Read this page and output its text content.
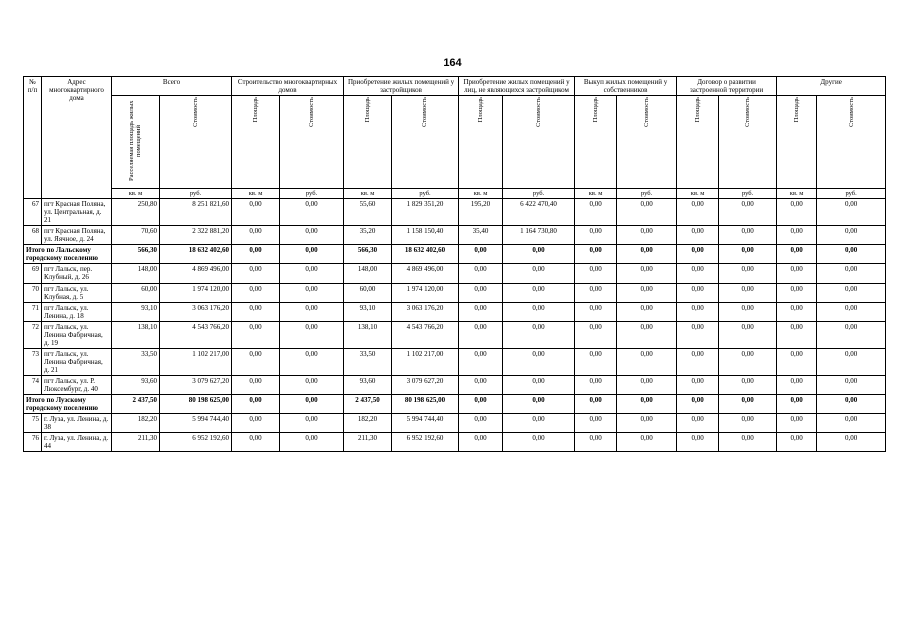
164
№ п/п	Адрес многоквартирного дома	Всего		Строительство многоквартирных домов		Приобретение жилых помещений у застройщиков		Приобретение жилых помещений у лиц, не являющихся застройщиком		Выкуп жилых помещений у собственников		Договор о развитии застроенной территории		Другие	

		Расселяемая площадь жилых помещений	Стоимость	Площадь	Стоимость	Площадь	Стоимость	Площадь	Стоимость	Площадь	Стоимость	Площадь	Стоимость	Площадь	Стоимость

		кв. м	руб.	кв. м	руб.	кв. м	руб.	кв. м	руб.	кв. м	руб.	кв. м	руб.	кв. м	руб.
67	пгт Красная Поляна, ул. Центральная, д. 21	250,80	8 251 821,60	0,00	0,00	55,60	1 829 351,20	195,20	6 422 470,40	0,00	0,00	0,00	0,00	0,00	0,00
68	пгт Красная Поляна, ул. Яячное, д. 24	70,60	2 322 881,20	0,00	0,00	35,20	1 158 150,40	35,40	1 164 730,80	0,00	0,00	0,00	0,00	0,00	0,00
Итого по Лальскому городскому поселению		566,30	18 632 402,60	0,00	0,00	566,30	18 632 402,60	0,00	0,00	0,00	0,00	0,00	0,00	0,00	0,00
69	пгт Лальск, пер. Клубный, д. 26	148,00	4 869 496,00	0,00	0,00	148,00	4 869 496,00	0,00	0,00	0,00	0,00	0,00	0,00	0,00	0,00
70	пгт Лальск, ул. Клубная, д. 5	60,00	1 974 120,00	0,00	0,00	60,00	1 974 120,00	0,00	0,00	0,00	0,00	0,00	0,00	0,00	0,00
71	пгт Лальск, ул. Ленина, д. 18	93,10	3 063 176,20	0,00	0,00	93,10	3 063 176,20	0,00	0,00	0,00	0,00	0,00	0,00	0,00	0,00
72	пгт Лальск, ул. Ленина Фабричная, д. 19	138,10	4 543 766,20	0,00	0,00	138,10	4 543 766,20	0,00	0,00	0,00	0,00	0,00	0,00	0,00	0,00
73	пгт Лальск, ул. Ленина Фабричная, д. 21	33,50	1 102 217,00	0,00	0,00	33,50	1 102 217,00	0,00	0,00	0,00	0,00	0,00	0,00	0,00	0,00
74	пгт Лальск, ул. Р. Люксембург, д. 40	93,60	3 079 627,20	0,00	0,00	93,60	3 079 627,20	0,00	0,00	0,00	0,00	0,00	0,00	0,00	0,00
Итого по Лузскому городскому поселению		2 437,50	80 198 625,00	0,00	0,00	2 437,50	80 198 625,00	0,00	0,00	0,00	0,00	0,00	0,00	0,00	0,00
75	г. Луза, ул. Ленина, д. 38	182,20	5 994 744,40	0,00	0,00	182,20	5 994 744,40	0,00	0,00	0,00	0,00	0,00	0,00	0,00	0,00
76	г. Луза, ул. Ленина, д. 44	211,30	6 952 192,60	0,00	0,00	211,30	6 952 192,60	0,00	0,00	0,00	0,00	0,00	0,00	0,00	0,00
